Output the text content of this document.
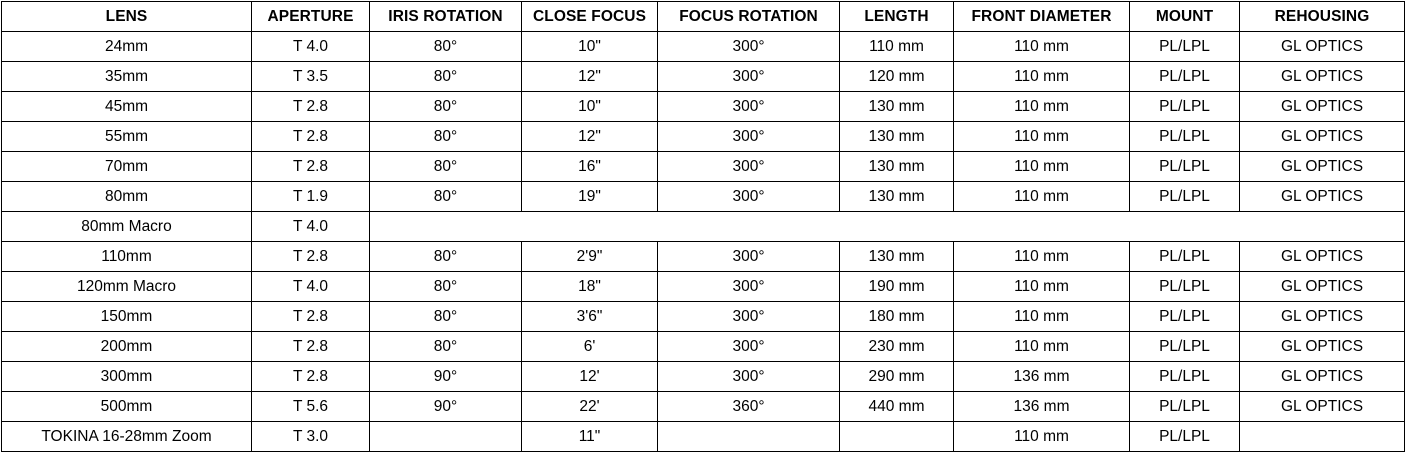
LENS	APERTURE	IRIS ROTATION	CLOSE FOCUS	FOCUS ROTATION	LENGTH	FRONT DIAMETER	MOUNT	REHOUSING
24mm	T 4.0	80°	10"	300°	110 mm	110 mm	PL/LPL	GL OPTICS
35mm	T 3.5	80°	12"	300°	120 mm	110 mm	PL/LPL	GL OPTICS
45mm	T 2.8	80°	10"	300°	130 mm	110 mm	PL/LPL	GL OPTICS
55mm	T 2.8	80°	12"	300°	130 mm	110 mm	PL/LPL	GL OPTICS
70mm	T 2.8	80°	16"	300°	130 mm	110 mm	PL/LPL	GL OPTICS
80mm	T 1.9	80°	19"	300°	130 mm	110 mm	PL/LPL	GL OPTICS
80mm Macro	T 4.0							
110mm	T 2.8	80°	2'9"	300°	130 mm	110 mm	PL/LPL	GL OPTICS
120mm Macro	T 4.0	80°	18"	300°	190 mm	110 mm	PL/LPL	GL OPTICS
150mm	T 2.8	80°	3'6"	300°	180 mm	110 mm	PL/LPL	GL OPTICS
200mm	T 2.8	80°	6'	300°	230 mm	110 mm	PL/LPL	GL OPTICS
300mm	T 2.8	90°	12'	300°	290 mm	136 mm	PL/LPL	GL OPTICS
500mm	T 5.6	90°	22'	360°	440 mm	136 mm	PL/LPL	GL OPTICS
TOKINA 16-28mm Zoom	T 3.0		11"			110 mm	PL/LPL	
